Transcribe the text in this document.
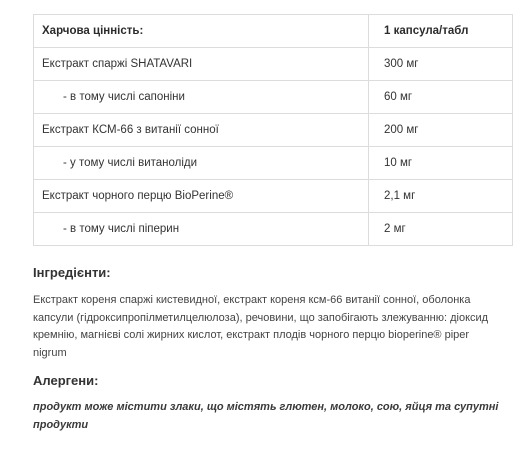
Харчова цінність:	1 капсула/табл
Екстракт спаржі SHATAVARI	300 мг
- в тому числі сапоніни	60 мг
Екстракт КСМ-66 з витанії сонної	200 мг
- у тому числі витаноліди	10 мг
Екстракт чорного перцю BioPerine®	2,1 мг
- в тому числі піперин	2 мг
Інгредієнти:
Екстракт кореня спаржі кистевидної, екстракт кореня ксм-66 витанії сонної, оболонка капсули (гідроксипропілметилцелюлоза), речовини, що запобігають злежуванню: діоксид кремнію, магнієві солі жирних кислот, екстракт плодів чорного перцю bioperine® piper nigrum
Алергени:
продукт може містити злаки, що містять глютен, молоко, сою, яйця та супутні продукти
